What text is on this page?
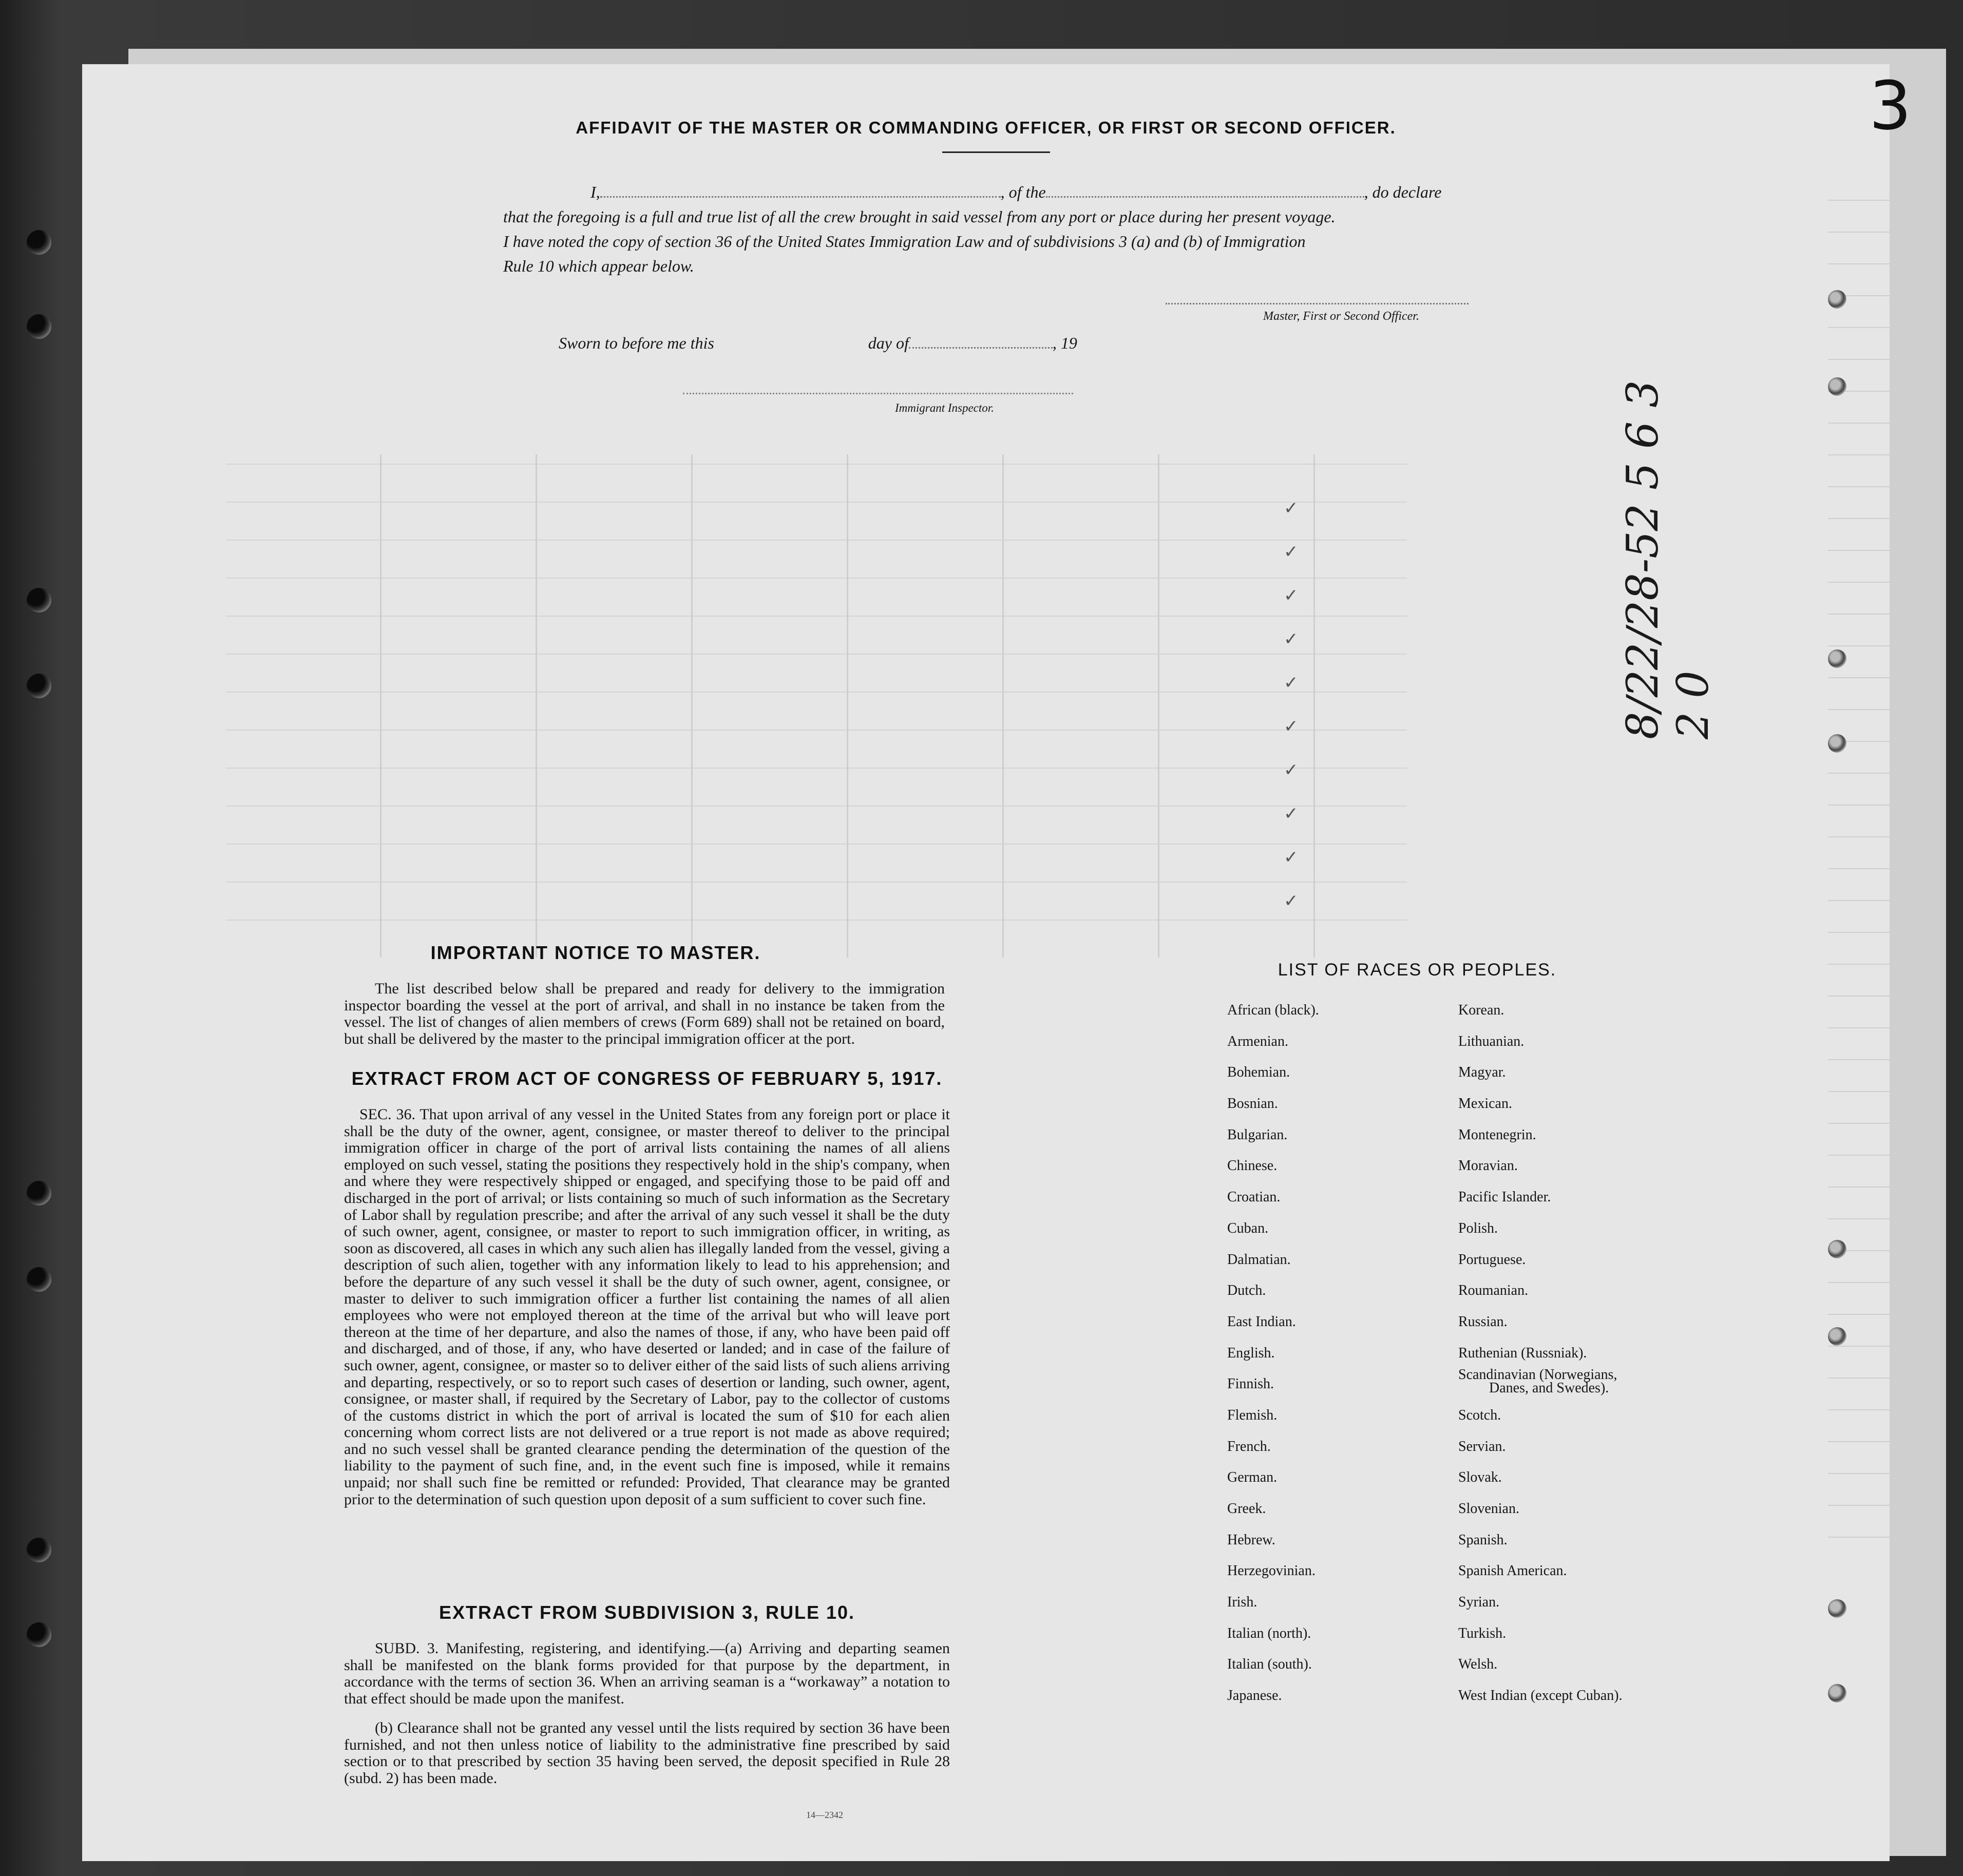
3
AFFIDAVIT OF THE MASTER OR COMMANDING OFFICER, OR FIRST OR SECOND OFFICER.
I,	, of the	, do declare
that the foregoing is a full and true list of all the crew brought in said vessel from any port or place during her present voyage.
I have noted the copy of section 36 of the United States Immigration Law and of subdivisions 3 (a) and (b) of Immigration
Rule 10 which appear below.
Master, First or Second Officer.
Sworn to before me this	day of	, 19
Immigrant Inspector.
✓
✓
✓
✓
✓
✓
✓
✓
✓
✓
8/22/28-52 5 6 3 2 0
IMPORTANT NOTICE TO MASTER.
The list described below shall be prepared and ready for delivery to the immigration inspector boarding the vessel at the port of arrival, and shall in no instance be taken from the vessel. The list of changes of alien members of crews (Form 689) shall not be retained on board, but shall be delivered by the master to the principal immigration officer at the port.
EXTRACT FROM ACT OF CONGRESS OF FEBRUARY 5, 1917.
SEC. 36. That upon arrival of any vessel in the United States from any foreign port or place it shall be the duty of the owner, agent, consignee, or master thereof to deliver to the principal immigration officer in charge of the port of arrival lists containing the names of all aliens employed on such vessel, stating the positions they respectively hold in the ship's company, when and where they were respectively shipped or engaged, and specifying those to be paid off and discharged in the port of arrival; or lists containing so much of such information as the Secretary of Labor shall by regulation prescribe; and after the arrival of any such vessel it shall be the duty of such owner, agent, consignee, or master to report to such immigration officer, in writing, as soon as discovered, all cases in which any such alien has illegally landed from the vessel, giving a description of such alien, together with any information likely to lead to his apprehension; and before the departure of any such vessel it shall be the duty of such owner, agent, consignee, or master to deliver to such immigration officer a further list containing the names of all alien employees who were not employed thereon at the time of the arrival but who will leave port thereon at the time of her departure, and also the names of those, if any, who have been paid off and discharged, and of those, if any, who have deserted or landed; and in case of the failure of such owner, agent, consignee, or master so to deliver either of the said lists of such aliens arriving and departing, respectively, or so to report such cases of desertion or landing, such owner, agent, consignee, or master shall, if required by the Secretary of Labor, pay to the collector of customs of the customs district in which the port of arrival is located the sum of $10 for each alien concerning whom correct lists are not delivered or a true report is not made as above required; and no such vessel shall be granted clearance pending the determination of the question of the liability to the payment of such fine, and, in the event such fine is imposed, while it remains unpaid; nor shall such fine be remitted or refunded: Provided, That clearance may be granted prior to the determination of such question upon deposit of a sum sufficient to cover such fine.
EXTRACT FROM SUBDIVISION 3, RULE 10.
SUBD. 3. Manifesting, registering, and identifying.—(a) Arriving and departing seamen shall be manifested on the blank forms provided for that purpose by the department, in accordance with the terms of section 36. When an arriving seaman is a “workaway” a notation to that effect should be made upon the manifest.
(b) Clearance shall not be granted any vessel until the lists required by section 36 have been furnished, and not then unless notice of liability to the administrative fine prescribed by said section or to that prescribed by section 35 having been served, the deposit specified in Rule 28 (subd. 2) has been made.
14—2342
LIST OF RACES OR PEOPLES.
African (black).
Armenian.
Bohemian.
Bosnian.
Bulgarian.
Chinese.
Croatian.
Cuban.
Dalmatian.
Dutch.
East Indian.
English.
Finnish.
Flemish.
French.
German.
Greek.
Hebrew.
Herzegovinian.
Irish.
Italian (north).
Italian (south).
Japanese.
Korean.
Lithuanian.
Magyar.
Mexican.
Montenegrin.
Moravian.
Pacific Islander.
Polish.
Portuguese.
Roumanian.
Russian.
Ruthenian (Russniak).
Scandinavian (Norwegians,
Danes, and Swedes).
Scotch.
Servian.
Slovak.
Slovenian.
Spanish.
Spanish American.
Syrian.
Turkish.
Welsh.
West Indian (except Cuban).
